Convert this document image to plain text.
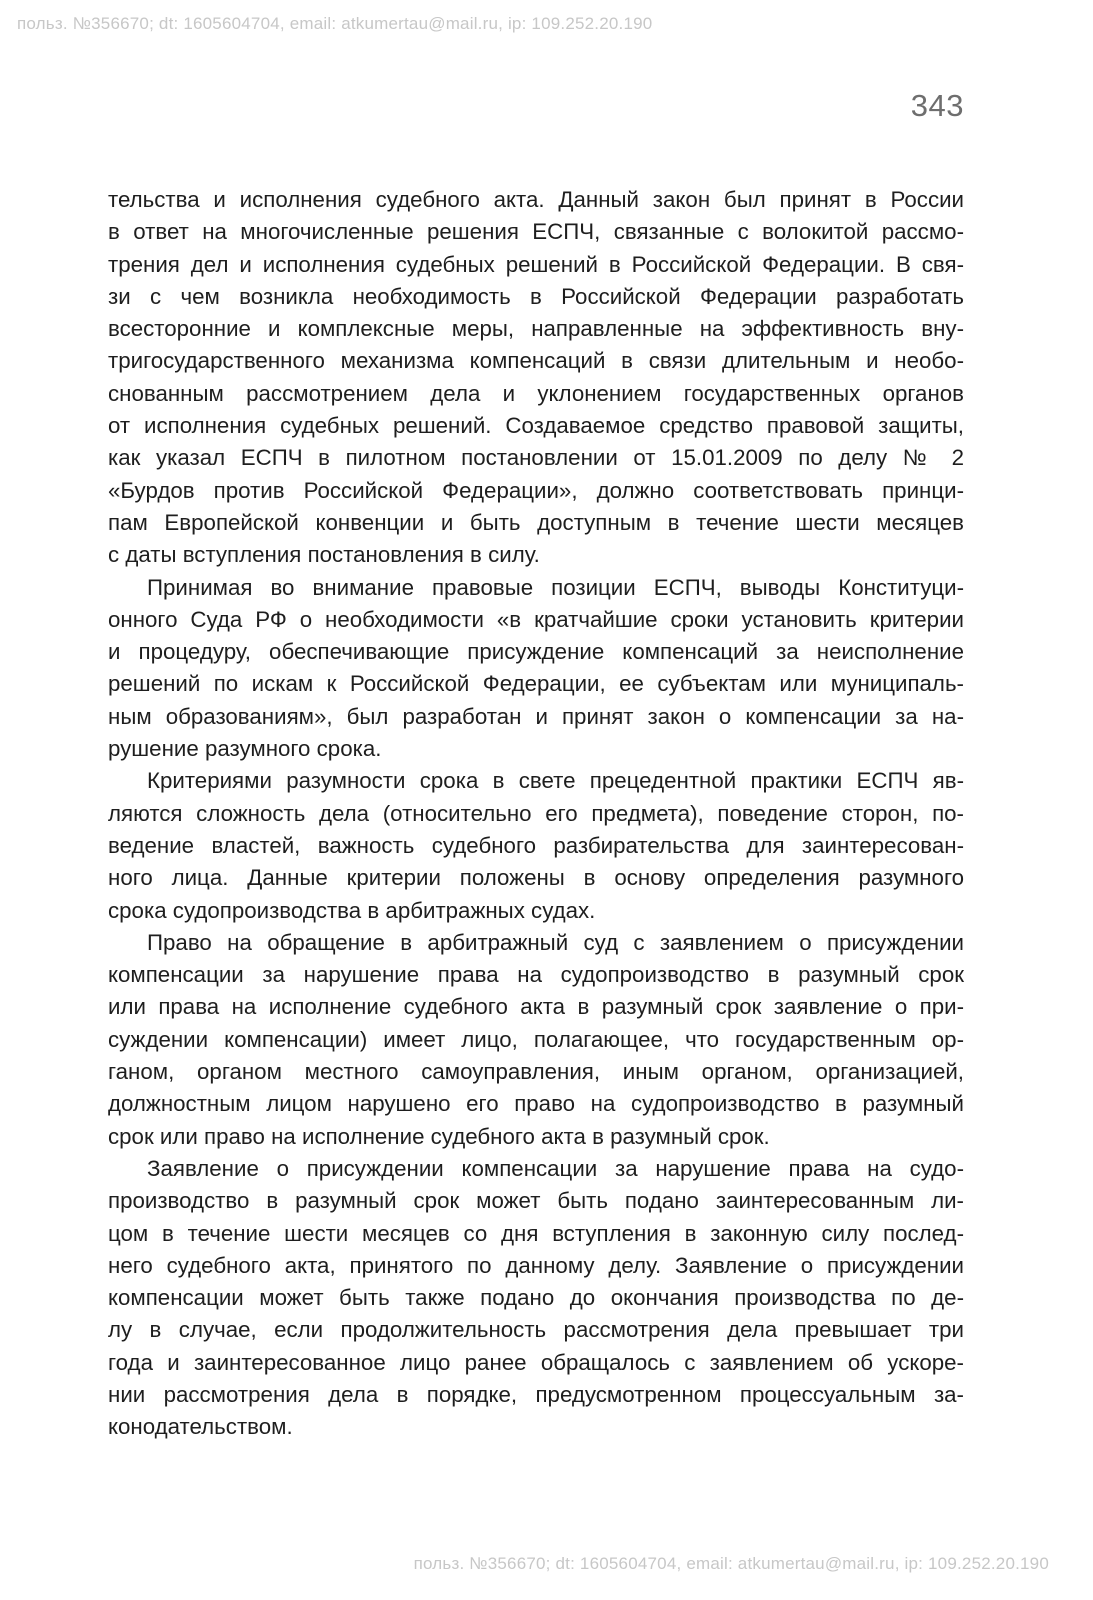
польз. №356670; dt: 1605604704, email: atkumertau@mail.ru, ip: 109.252.20.190
343

тельства и исполнения судебного акта. Данный закон был принят в России

в ответ на многочисленные решения ЕСПЧ, связанные с волокитой рассмо-

трения дел и исполнения судебных решений в Российской Федерации. В свя-

зи с чем возникла необходимость в Российской Федерации разработать

всесторонние и комплексные меры, направленные на эффективность вну-

тригосударственного механизма компенсаций в связи длительным и необо-

снованным рассмотрением дела и уклонением государственных органов

от исполнения судебных решений. Создаваемое средство правовой защиты,

как указал ЕСПЧ в пилотном постановлении от 15.01.2009 по делу № 2

«Бурдов против Российской Федерации», должно соответствовать принци-

пам Европейской конвенции и быть доступным в течение шести месяцев

с даты вступления постановления в силу.

Принимая во внимание правовые позиции ЕСПЧ, выводы Конституци-

онного Суда РФ о необходимости «в кратчайшие сроки установить критерии

и процедуру, обеспечивающие присуждение компенсаций за неисполнение

решений по искам к Российской Федерации, ее субъектам или муниципаль-

ным образованиям», был разработан и принят закон о компенсации за на-

рушение разумного срока.

Критериями разумности срока в свете прецедентной практики ЕСПЧ яв-

ляются сложность дела (относительно его предмета), поведение сторон, по-

ведение властей, важность судебного разбирательства для заинтересован-

ного лица. Данные критерии положены в основу определения разумного

срока судопроизводства в арбитражных судах.

Право на обращение в арбитражный суд с заявлением о присуждении

компенсации за нарушение права на судопроизводство в разумный срок

или права на исполнение судебного акта в разумный срок заявление о при-

суждении компенсации) имеет лицо, полагающее, что государственным ор-

ганом, органом местного самоуправления, иным органом, организацией,

должностным лицом нарушено его право на судопроизводство в разумный

срок или право на исполнение судебного акта в разумный срок.

Заявление о присуждении компенсации за нарушение права на судо-

производство в разумный срок может быть подано заинтересованным ли-

цом в течение шести месяцев со дня вступления в законную силу послед-

него судебного акта, принятого по данному делу. Заявление о присуждении

компенсации может быть также подано до окончания производства по де-

лу в случае, если продолжительность рассмотрения дела превышает три

года и заинтересованное лицо ранее обращалось с заявлением об ускоре-

нии рассмотрения дела в порядке, предусмотренном процессуальным за-

конодательством.

польз. №356670; dt: 1605604704, email: atkumertau@mail.ru, ip: 109.252.20.190
